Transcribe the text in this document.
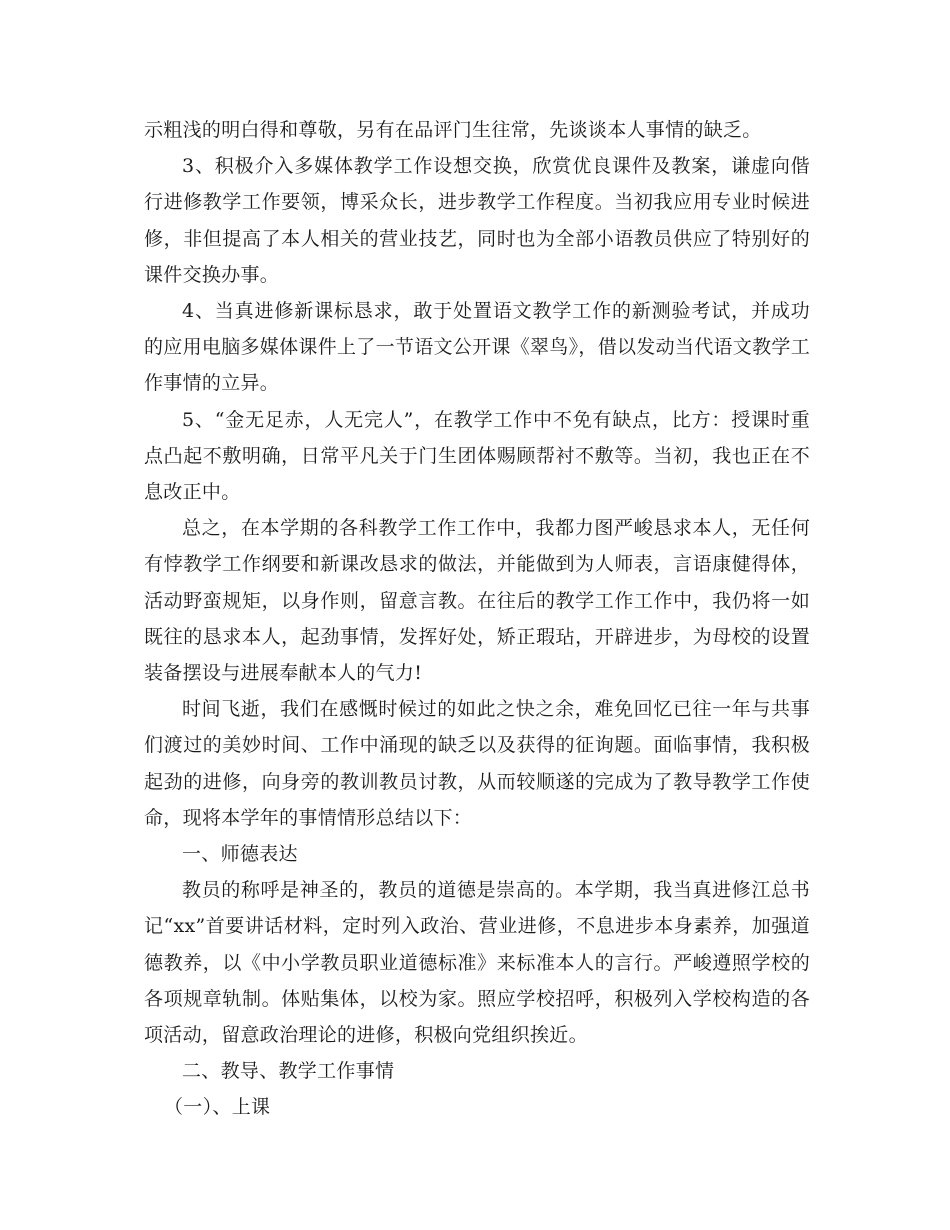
示粗浅的明白得和尊敬，另有在品评门生往常，先谈谈本人事情的缺乏。

3、积极介入多媒体教学工作设想交换，欣赏优良课件及教案，谦虚向偕行进修教学工作要领，博采众长，进步教学工作程度。当初我应用专业时候进修，非但提高了本人相关的营业技艺，同时也为全部小语教员供应了特别好的课件交换办事。

4、当真进修新课标恳求，敢于处置语文教学工作的新测验考试，并成功的应用电脑多媒体课件上了一节语文公开课《翠鸟》，借以发动当代语文教学工作事情的立异。

5、“金无足赤，人无完人”，在教学工作中不免有缺点，比方：授课时重点凸起不敷明确，日常平凡关于门生团体赐顾帮衬不敷等。当初，我也正在不息改正中。

总之，在本学期的各科教学工作工作中，我都力图严峻恳求本人，无任何有悖教学工作纲要和新课改恳求的做法，并能做到为人师表，言语康健得体，活动野蛮规矩，以身作则，留意言教。在往后的教学工作工作中，我仍将一如既往的恳求本人，起劲事情，发挥好处，矫正瑕玷，开辟进步，为母校的设置装备摆设与进展奉献本人的气力!

时间飞逝，我们在感慨时候过的如此之快之余，难免回忆已往一年与共事们渡过的美妙时间、工作中涌现的缺乏以及获得的征询题。面临事情，我积极起劲的进修，向身旁的教训教员讨教，从而较顺遂的完成为了教导教学工作使命，现将本学年的事情情形总结以下：

一、师德表达

教员的称呼是神圣的，教员的道德是崇高的。本学期，我当真进修江总书记“xx”首要讲话材料，定时列入政治、营业进修，不息进步本身素养，加强道德教养，以《中小学教员职业道德标准》来标准本人的言行。严峻遵照学校的各项规章轨制。体贴集体，以校为家。照应学校招呼，积极列入学校构造的各项活动，留意政治理论的进修，积极向党组织挨近。

二、教导、教学工作事情

（一）、上课
